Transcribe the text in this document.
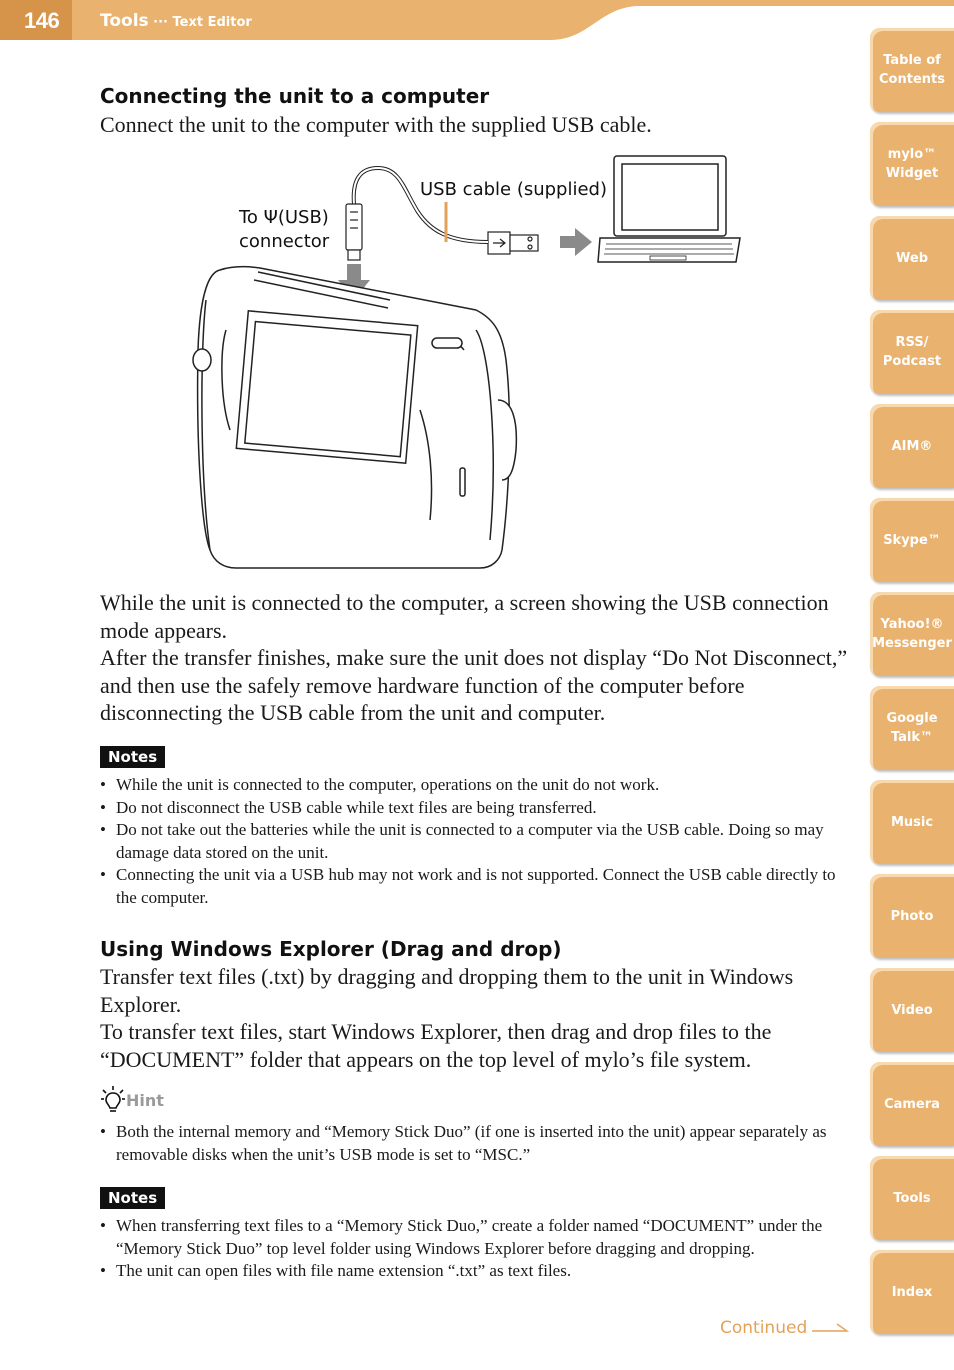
146 Tools ··· Text Editor
Table of
Contents
mylo™
Widget
Web
RSS/
Podcast
AIM®
Skype™
Yahoo!®
Messenger
Google
Talk™
Music
Photo
Video
Camera
Tools
Index
Connecting the unit to a computer
Connect the unit to the computer with the supplied USB cable.
USB cable (supplied)
To Ψ(USB)
connector
While the unit is connected to the computer, a screen showing the USB connection mode appears.
After the transfer finishes, make sure the unit does not display “Do Not Disconnect,” and then use the safely remove hardware function of the computer before disconnecting the USB cable from the unit and computer.
Notes
• While the unit is connected to the computer, operations on the unit do not work.
• Do not disconnect the USB cable while text files are being transferred.
• Do not take out the batteries while the unit is connected to a computer via the USB cable. Doing so may damage data stored on the unit.
• Connecting the unit via a USB hub may not work and is not supported. Connect the USB cable directly to the computer.
Using Windows Explorer (Drag and drop)
Transfer text files (.txt) by dragging and dropping them to the unit in Windows Explorer.
To transfer text files, start Windows Explorer, then drag and drop files to the “DOCUMENT” folder that appears on the top level of mylo’s file system.
Hint
• Both the internal memory and “Memory Stick Duo” (if one is inserted into the unit) appear separately as removable disks when the unit’s USB mode is set to “MSC.”
Notes
• When transferring text files to a “Memory Stick Duo,” create a folder named “DOCUMENT” under the “Memory Stick Duo” top level folder using Windows Explorer before dragging and dropping.
• The unit can open files with file name extension “.txt” as text files.
Continued
